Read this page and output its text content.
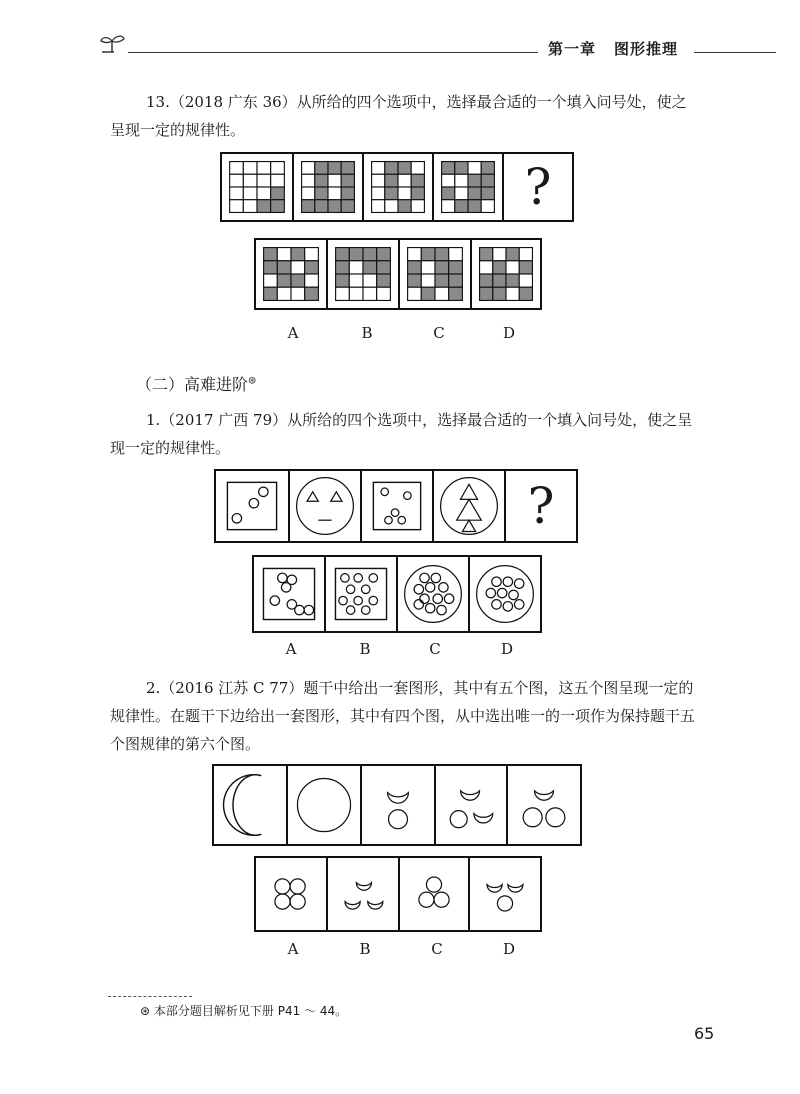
第一章 图形推理
13.（2018 广东 36）从所给的四个选项中，选择最合适的一个填入问号处，使之呈现一定的规律性。
?
A	B	C	D
（二）高难进阶⊛
1.（2017 广西 79）从所给的四个选项中，选择最合适的一个填入问号处，使之呈现一定的规律性。
?
A	B	C	D
2.（2016 江苏 C 77）题干中给出一套图形，其中有五个图，这五个图呈现一定的规律性。在题干下边给出一套图形，其中有四个图，从中选出唯一的一项作为保持题干五个图规律的第六个图。
A	B	C	D
⊛ 本部分题目解析见下册 P41 ～ 44。
65
